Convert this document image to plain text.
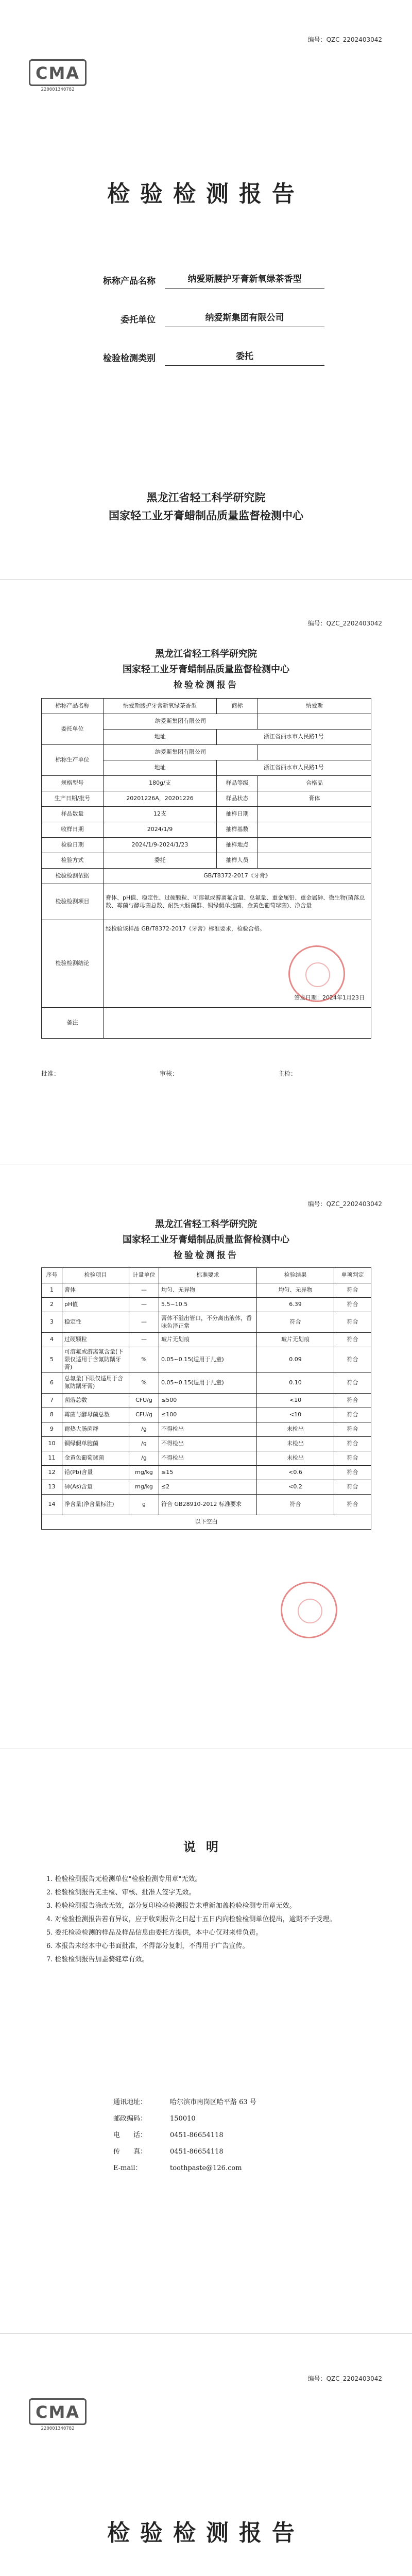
编号：QZC_2202403042
CMA
220001340782
检验检测报告
标称产品名称	纳爱斯腰护牙膏新氧绿茶香型
委托单位	纳爱斯集团有限公司
检验检测类别	委托
黑龙江省轻工科学研究院
国家轻工业牙膏蜡制品质量监督检测中心
编号：QZC_2202403042
黑龙江省轻工科学研究院
国家轻工业牙膏蜡制品质量监督检测中心
检验检测报告
标称产品名称	纳爱斯腰护牙膏新氧绿茶香型	商标	纳爱斯
委托单位	纳爱斯集团有限公司		
	地址	浙江省丽水市人民路1号	
标称生产单位	纳爱斯集团有限公司		
	地址	浙江省丽水市人民路1号	
规格型号	180g/支	样品等级	合格品
生产日期/批号	20201226A，20201226	样品状态	膏体
样品数量	12支	抽样日期	
收样日期	2024/1/9	抽样基数	
检验日期	2024/1/9-2024/1/23	抽样地点	
检验方式	委托	抽样人员	
检验检测依据	GB/T8372-2017《牙膏》		
检验检测项目	膏体、pH值、稳定性、过硬颗粒、可溶氟或游离氟含量、总氟量、重金属铅、重金属砷、微生物(菌落总数、霉菌与酵母菌总数、耐热大肠菌群、铜绿假单胞菌、金黄色葡萄球菌)、净含量		
检验检测结论	经检验该样品 GB/T8372-2017《牙膏》标准要求，检验合格。
签发日期：2024年1月23日		

备注			
批准：	审核：	主检：
编号：QZC_2202403042
黑龙江省轻工科学研究院
国家轻工业牙膏蜡制品质量监督检测中心
检验检测报告
序号	检验项目	计量单位	标准要求	检验结果	单项判定
1	膏体	—	均匀、无异物	均匀、无异物	符合
2	pH值	—	5.5~10.5	6.39	符合
3	稳定性	—	膏体不溢出管口，不分离出液体，香味色泽正常	符合	符合
4	过硬颗粒	—	玻片无划痕	玻片无划痕	符合
5	可溶氟或游离氟含量(下限仅适用于含氟防龋牙膏)	%	0.05~0.15(适用于儿童)	0.09	符合
6	总氟量(下限仅适用于含氟防龋牙膏)	%	0.05~0.15(适用于儿童)	0.10	符合
7	菌落总数	CFU/g	≤500	<10	符合
8	霉菌与酵母菌总数	CFU/g	≤100	<10	符合
9	耐热大肠菌群	/g	不得检出	未检出	符合
10	铜绿假单胞菌	/g	不得检出	未检出	符合
11	金黄色葡萄球菌	/g	不得检出	未检出	符合
12	铅(Pb)含量	mg/kg	≤15	<0.6	符合
13	砷(As)含量	mg/kg	≤2	<0.2	符合
14	净含量(净含量标注)	g	符合 GB28910-2012 标准要求	符合	符合
以下空白					
说明
1. 检验检测报告无检测单位"检验检测专用章"无效。
2. 检验检测报告无主检、审核、批准人签字无效。
3. 检验检测报告涂改无效，部分复印检验检测报告未重新加盖检验检测专用章无效。
4. 对检验检测报告若有异议，应于收到报告之日起十五日内向检验检测单位提出，逾期不予受理。
5. 委托检验检测的样品及样品信息由委托方提供，本中心仅对来样负责。
6. 本报告未经本中心书面批准，不得部分复制，不得用于广告宣传。
7. 检验检测报告加盖骑缝章有效。
通讯地址：	哈尔滨市南岗区哈平路 63 号
邮政编码：	150010
电　　话：	0451-86654118
传　　真：	0451-86654118
E-mail：	toothpaste@126.com
编号：QZC_2202403042
CMA
220001340782
检验检测报告
